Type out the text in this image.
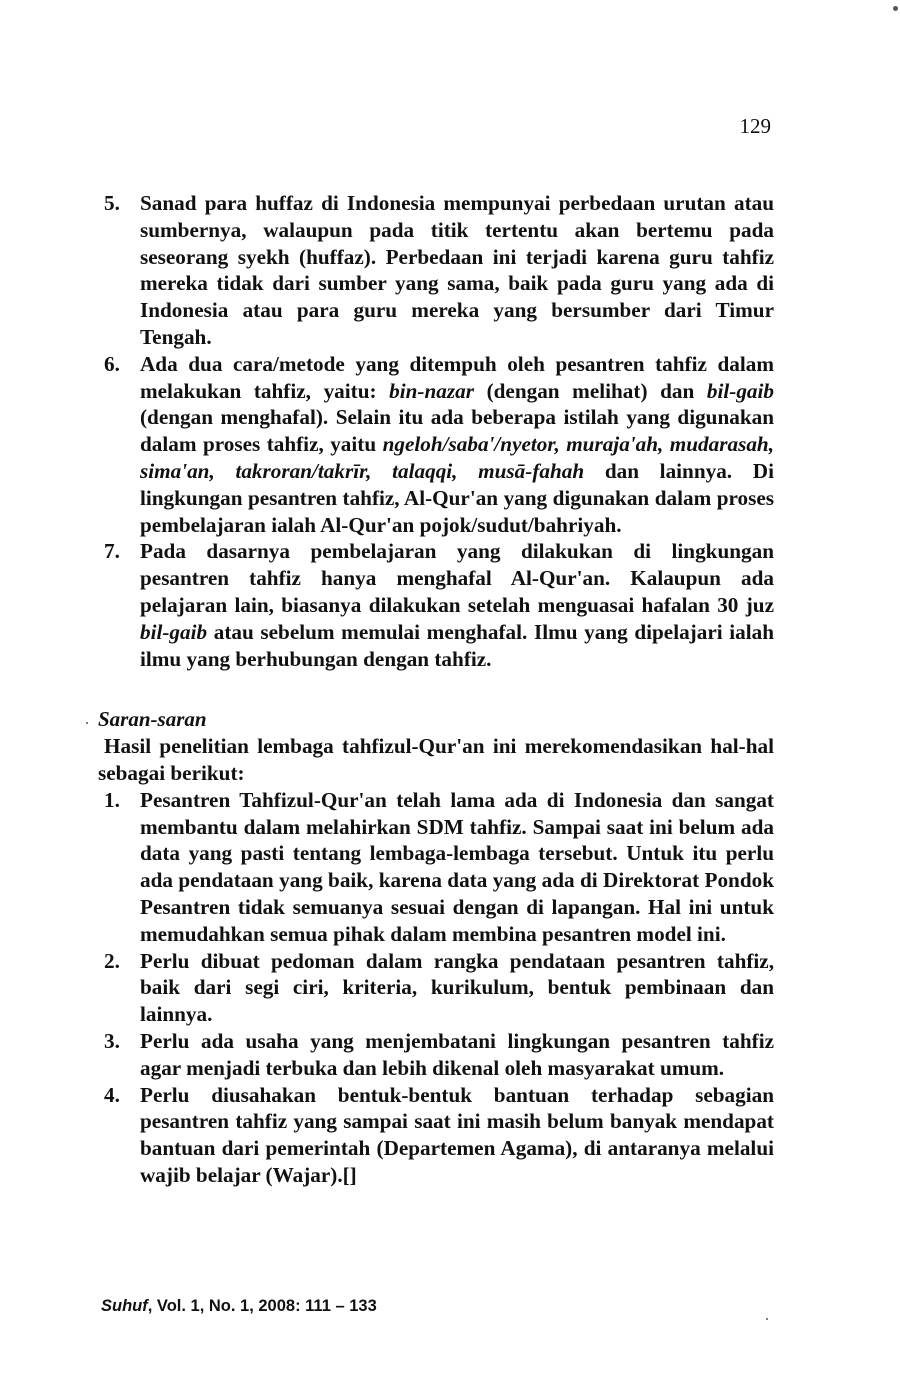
129
5. Sanad para huffaz di Indonesia mempunyai perbedaan urutan atau sumbernya, walaupun pada titik tertentu akan bertemu pada seseorang syekh (huffaz). Perbedaan ini terjadi karena guru tahfiz mereka tidak dari sumber yang sama, baik pada guru yang ada di Indonesia atau para guru mereka yang bersumber dari Timur Tengah.
6. Ada dua cara/metode yang ditempuh oleh pesantren tahfiz dalam melakukan tahfiz, yaitu: bin-nazar (dengan melihat) dan bil-gaib (dengan menghafal). Selain itu ada beberapa istilah yang digunakan dalam proses tahfiz, yaitu ngeloh/saba'/nyetor, muraja'ah, mudarasah, sima'an, takroran/takrīr, talaqqi, musā-fahah dan lainnya. Di lingkungan pesantren tahfiz, Al-Qur'an yang digunakan dalam proses pembelajaran ialah Al-Qur'an pojok/sudut/bahriyah.
7. Pada dasarnya pembelajaran yang dilakukan di lingkungan pesantren tahfiz hanya menghafal Al-Qur'an. Kalaupun ada pelajaran lain, biasanya dilakukan setelah menguasai hafalan 30 juz bil-gaib atau sebelum memulai menghafal. Ilmu yang dipelajari ialah ilmu yang berhubungan dengan tahfiz.
Saran-saran
Hasil penelitian lembaga tahfizul-Qur'an ini merekomendasikan hal-hal sebagai berikut:
1. Pesantren Tahfizul-Qur'an telah lama ada di Indonesia dan sangat membantu dalam melahirkan SDM tahfiz. Sampai saat ini belum ada data yang pasti tentang lembaga-lembaga tersebut. Untuk itu perlu ada pendataan yang baik, karena data yang ada di Direktorat Pondok Pesantren tidak semuanya sesuai dengan di lapangan. Hal ini untuk memudahkan semua pihak dalam membina pesantren model ini.
2. Perlu dibuat pedoman dalam rangka pendataan pesantren tahfiz, baik dari segi ciri, kriteria, kurikulum, bentuk pembinaan dan lainnya.
3. Perlu ada usaha yang menjembatani lingkungan pesantren tahfiz agar menjadi terbuka dan lebih dikenal oleh masyarakat umum.
4. Perlu diusahakan bentuk-bentuk bantuan terhadap sebagian pesantren tahfiz yang sampai saat ini masih belum banyak mendapat bantuan dari pemerintah (Departemen Agama), di antaranya melalui wajib belajar (Wajar).[]
Suhuf, Vol. 1, No. 1, 2008: 111 – 133
